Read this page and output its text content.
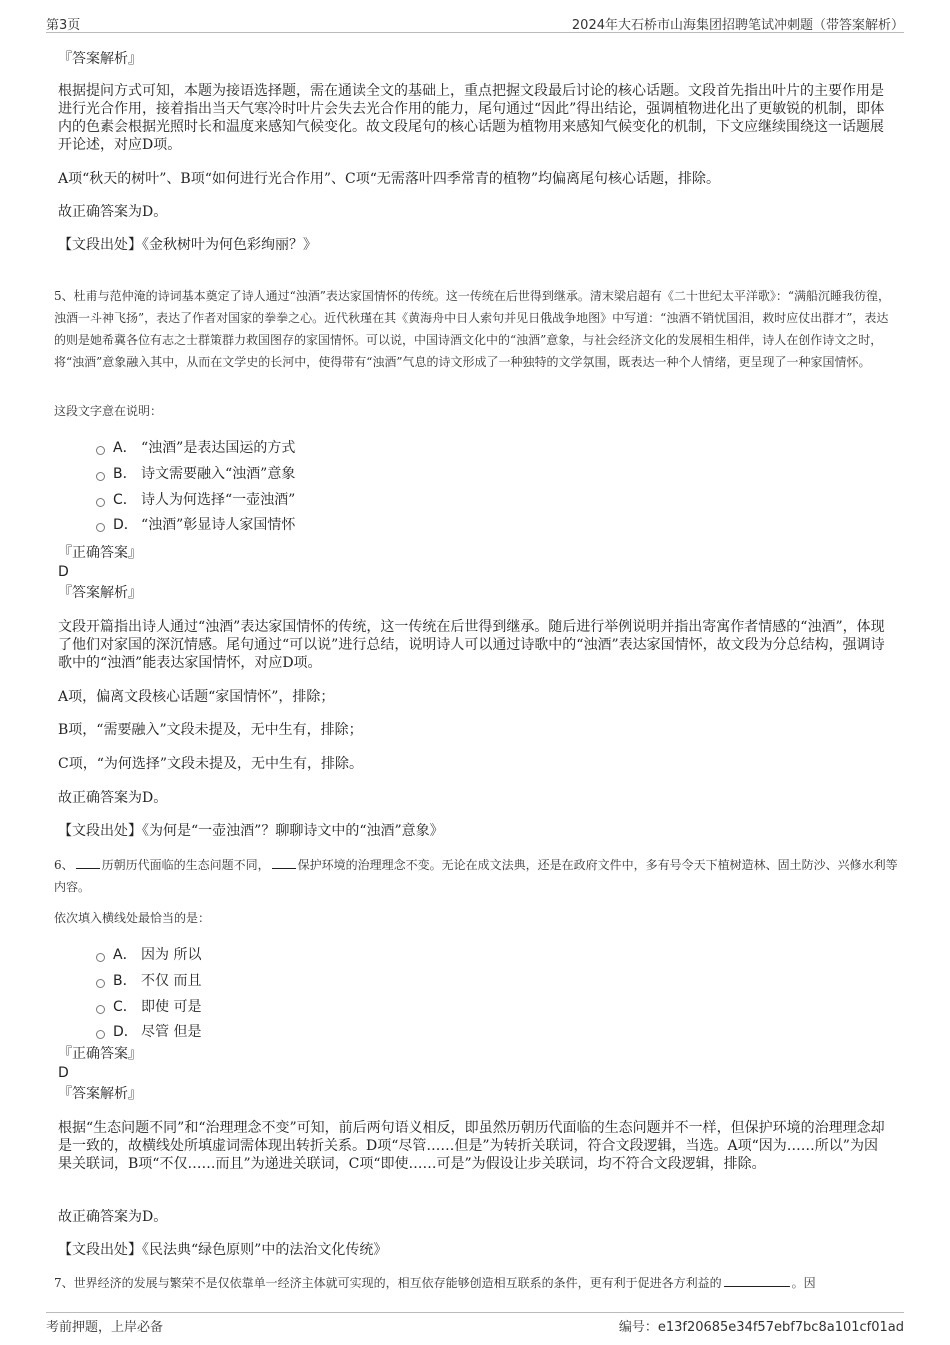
第3页	2024年大石桥市山海集团招聘笔试冲刺题（带答案解析）
『答案解析』

根据提问方式可知，本题为接语选择题，需在通读全文的基础上，重点把握文段最后讨论的核心话题。文段首先指出叶片的主要作用是进行光合作用，接着指出当天气寒冷时叶片会失去光合作用的能力，尾句通过“因此”得出结论，强调植物进化出了更敏锐的机制，即体内的色素会根据光照时长和温度来感知气候变化。故文段尾句的核心话题为植物用来感知气候变化的机制，下文应继续围绕这一话题展开论述，对应D项。

A项“秋天的树叶”、B项“如何进行光合作用”、C项“无需落叶四季常青的植物”均偏离尾句核心话题，排除。

故正确答案为D。

【文段出处】《金秋树叶为何色彩绚丽？》

5、杜甫与范仲淹的诗词基本奠定了诗人通过“浊酒”表达家国情怀的传统。这一传统在后世得到继承。清末梁启超有《二十世纪太平洋歌》：“满船沉睡我彷徨，浊酒一斗神飞扬”，表达了作者对国家的拳拳之心。近代秋瑾在其《黄海舟中日人索句并见日俄战争地图》中写道：“浊酒不销忧国泪，救时应仗出群才”，表达的则是她希冀各位有志之士群策群力救国图存的家国情怀。可以说，中国诗酒文化中的“浊酒”意象，与社会经济文化的发展相生相伴，诗人在创作诗文之时，将“浊酒”意象融入其中，从而在文学史的长河中，使得带有“浊酒”气息的诗文形成了一种独特的文学氛围，既表达一种个人情绪，更呈现了一种家国情怀。

这段文字意在说明：
A． “浊酒”是表达国运的方式
B． 诗文需要融入“浊酒”意象
C． 诗人为何选择“一壶浊酒”
D． “浊酒”彰显诗人家国情怀
『正确答案』
D
『答案解析』

文段开篇指出诗人通过“浊酒”表达家国情怀的传统，这一传统在后世得到继承。随后进行举例说明并指出寄寓作者情感的“浊酒”，体现了他们对家国的深沉情感。尾句通过“可以说”进行总结，说明诗人可以通过诗歌中的“浊酒”表达家国情怀，故文段为分总结构，强调诗歌中的“浊酒”能表达家国情怀，对应D项。

A项，偏离文段核心话题“家国情怀”，排除；

B项，“需要融入”文段未提及，无中生有，排除；

C项，“为何选择”文段未提及，无中生有，排除。

故正确答案为D。

【文段出处】《为何是“一壶浊酒”？聊聊诗文中的“浊酒”意象》

6、 历朝历代面临的生态问题不同， 保护环境的治理理念不变。无论在成文法典，还是在政府文件中，多有号令天下植树造林、固土防沙、兴修水利等内容。

依次填入横线处最恰当的是：
A． 因为 所以
B． 不仅 而且
C． 即使 可是
D． 尽管 但是
『正确答案』
D
『答案解析』

根据“生态问题不同”和“治理理念不变”可知，前后两句语义相反，即虽然历朝历代面临的生态问题并不一样，但保护环境的治理理念却是一致的，故横线处所填虚词需体现出转折关系。D项“尽管……但是”为转折关联词，符合文段逻辑，当选。A项“因为……所以”为因果关联词，B项“不仅……而且”为递进关联词，C项“即使……可是”为假设让步关联词，均不符合文段逻辑，排除。

故正确答案为D。

【文段出处】《民法典“绿色原则”中的法治文化传统》

7、世界经济的发展与繁荣不是仅依靠单一经济主体就可实现的，相互依存能够创造相互联系的条件，更有利于促进各方利益的	。因

考前押题，上岸必备	编号：e13f20685e34f57ebf7bc8a101cf01ad
